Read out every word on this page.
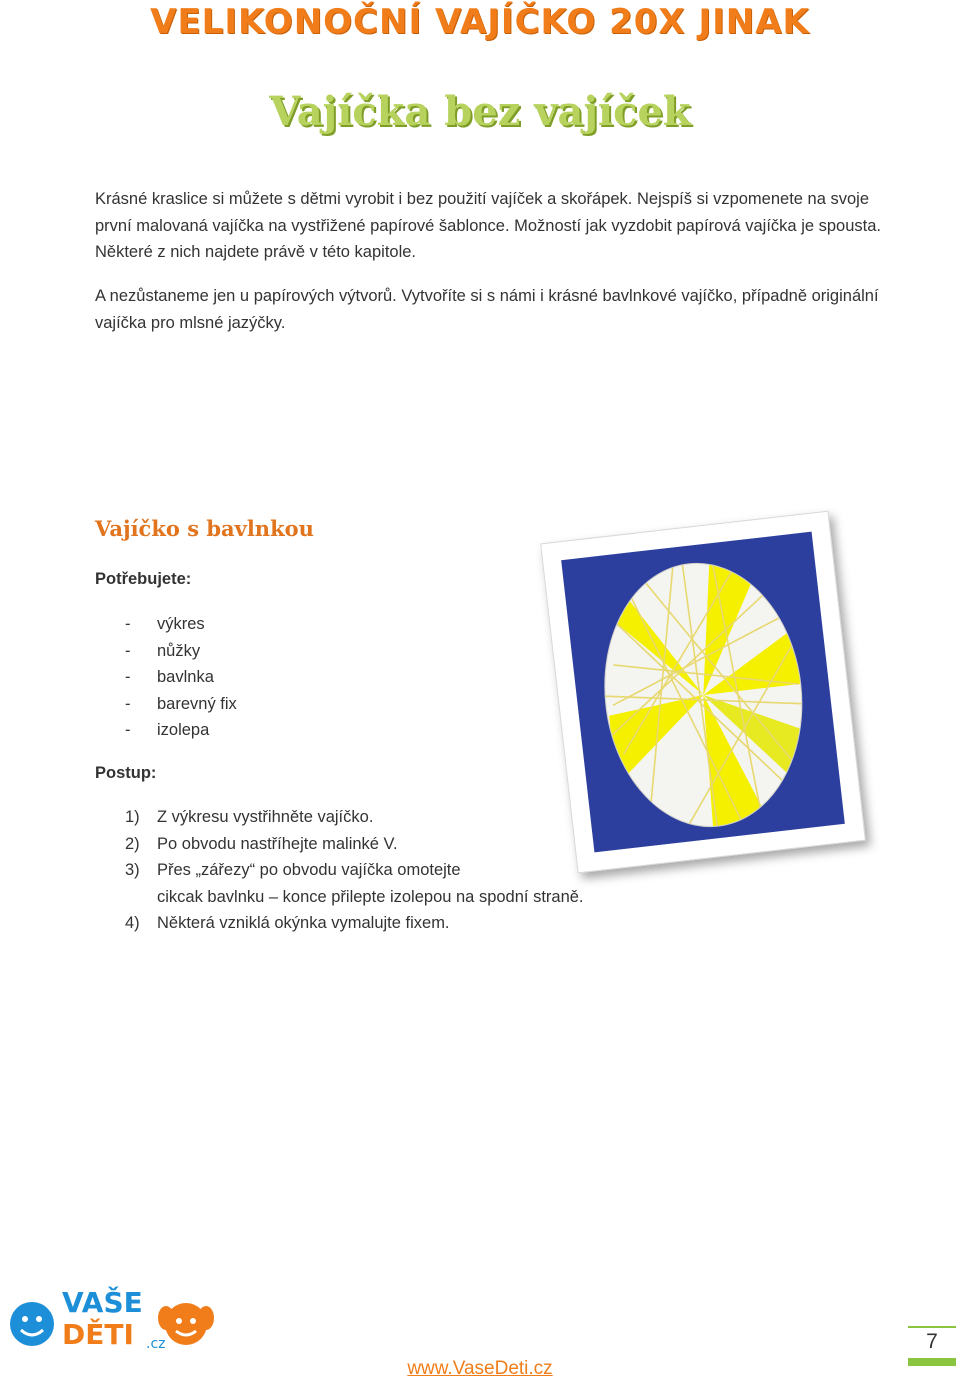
VELIKONOČNÍ VAJÍČKO 20X JINAK
Vajíčka bez vajíček
Krásné kraslice si můžete s dětmi vyrobit i bez použití vajíček a skořápek. Nejspíš si vzpomenete na svoje první malovaná vajíčka na vystřižené papírové šablonce. Možností jak vyzdobit papírová vajíčka je spousta. Některé z nich najdete právě v této kapitole.
A nezůstaneme jen u papírových výtvorů. Vytvoříte si s námi i krásné bavlnkové vajíčko, případně originální vajíčka pro mlsné jazýčky.
Vajíčko s bavlnkou
Potřebujete:
- výkres
- nůžky
- bavlnka
- barevný fix
- izolepa
Postup:
1) Z výkresu vystřihněte vajíčko.
2) Po obvodu nastříhejte malinké V.
3) Přes „zářezy“ po obvodu vajíčka omotejte
cikcak bavlnku – konce přilepte izolepou na spodní straně.
4) Některá vzniklá okýnka vymalujte fixem.
VAŠE
DĚTI .cz
www.VaseDeti.cz
7
